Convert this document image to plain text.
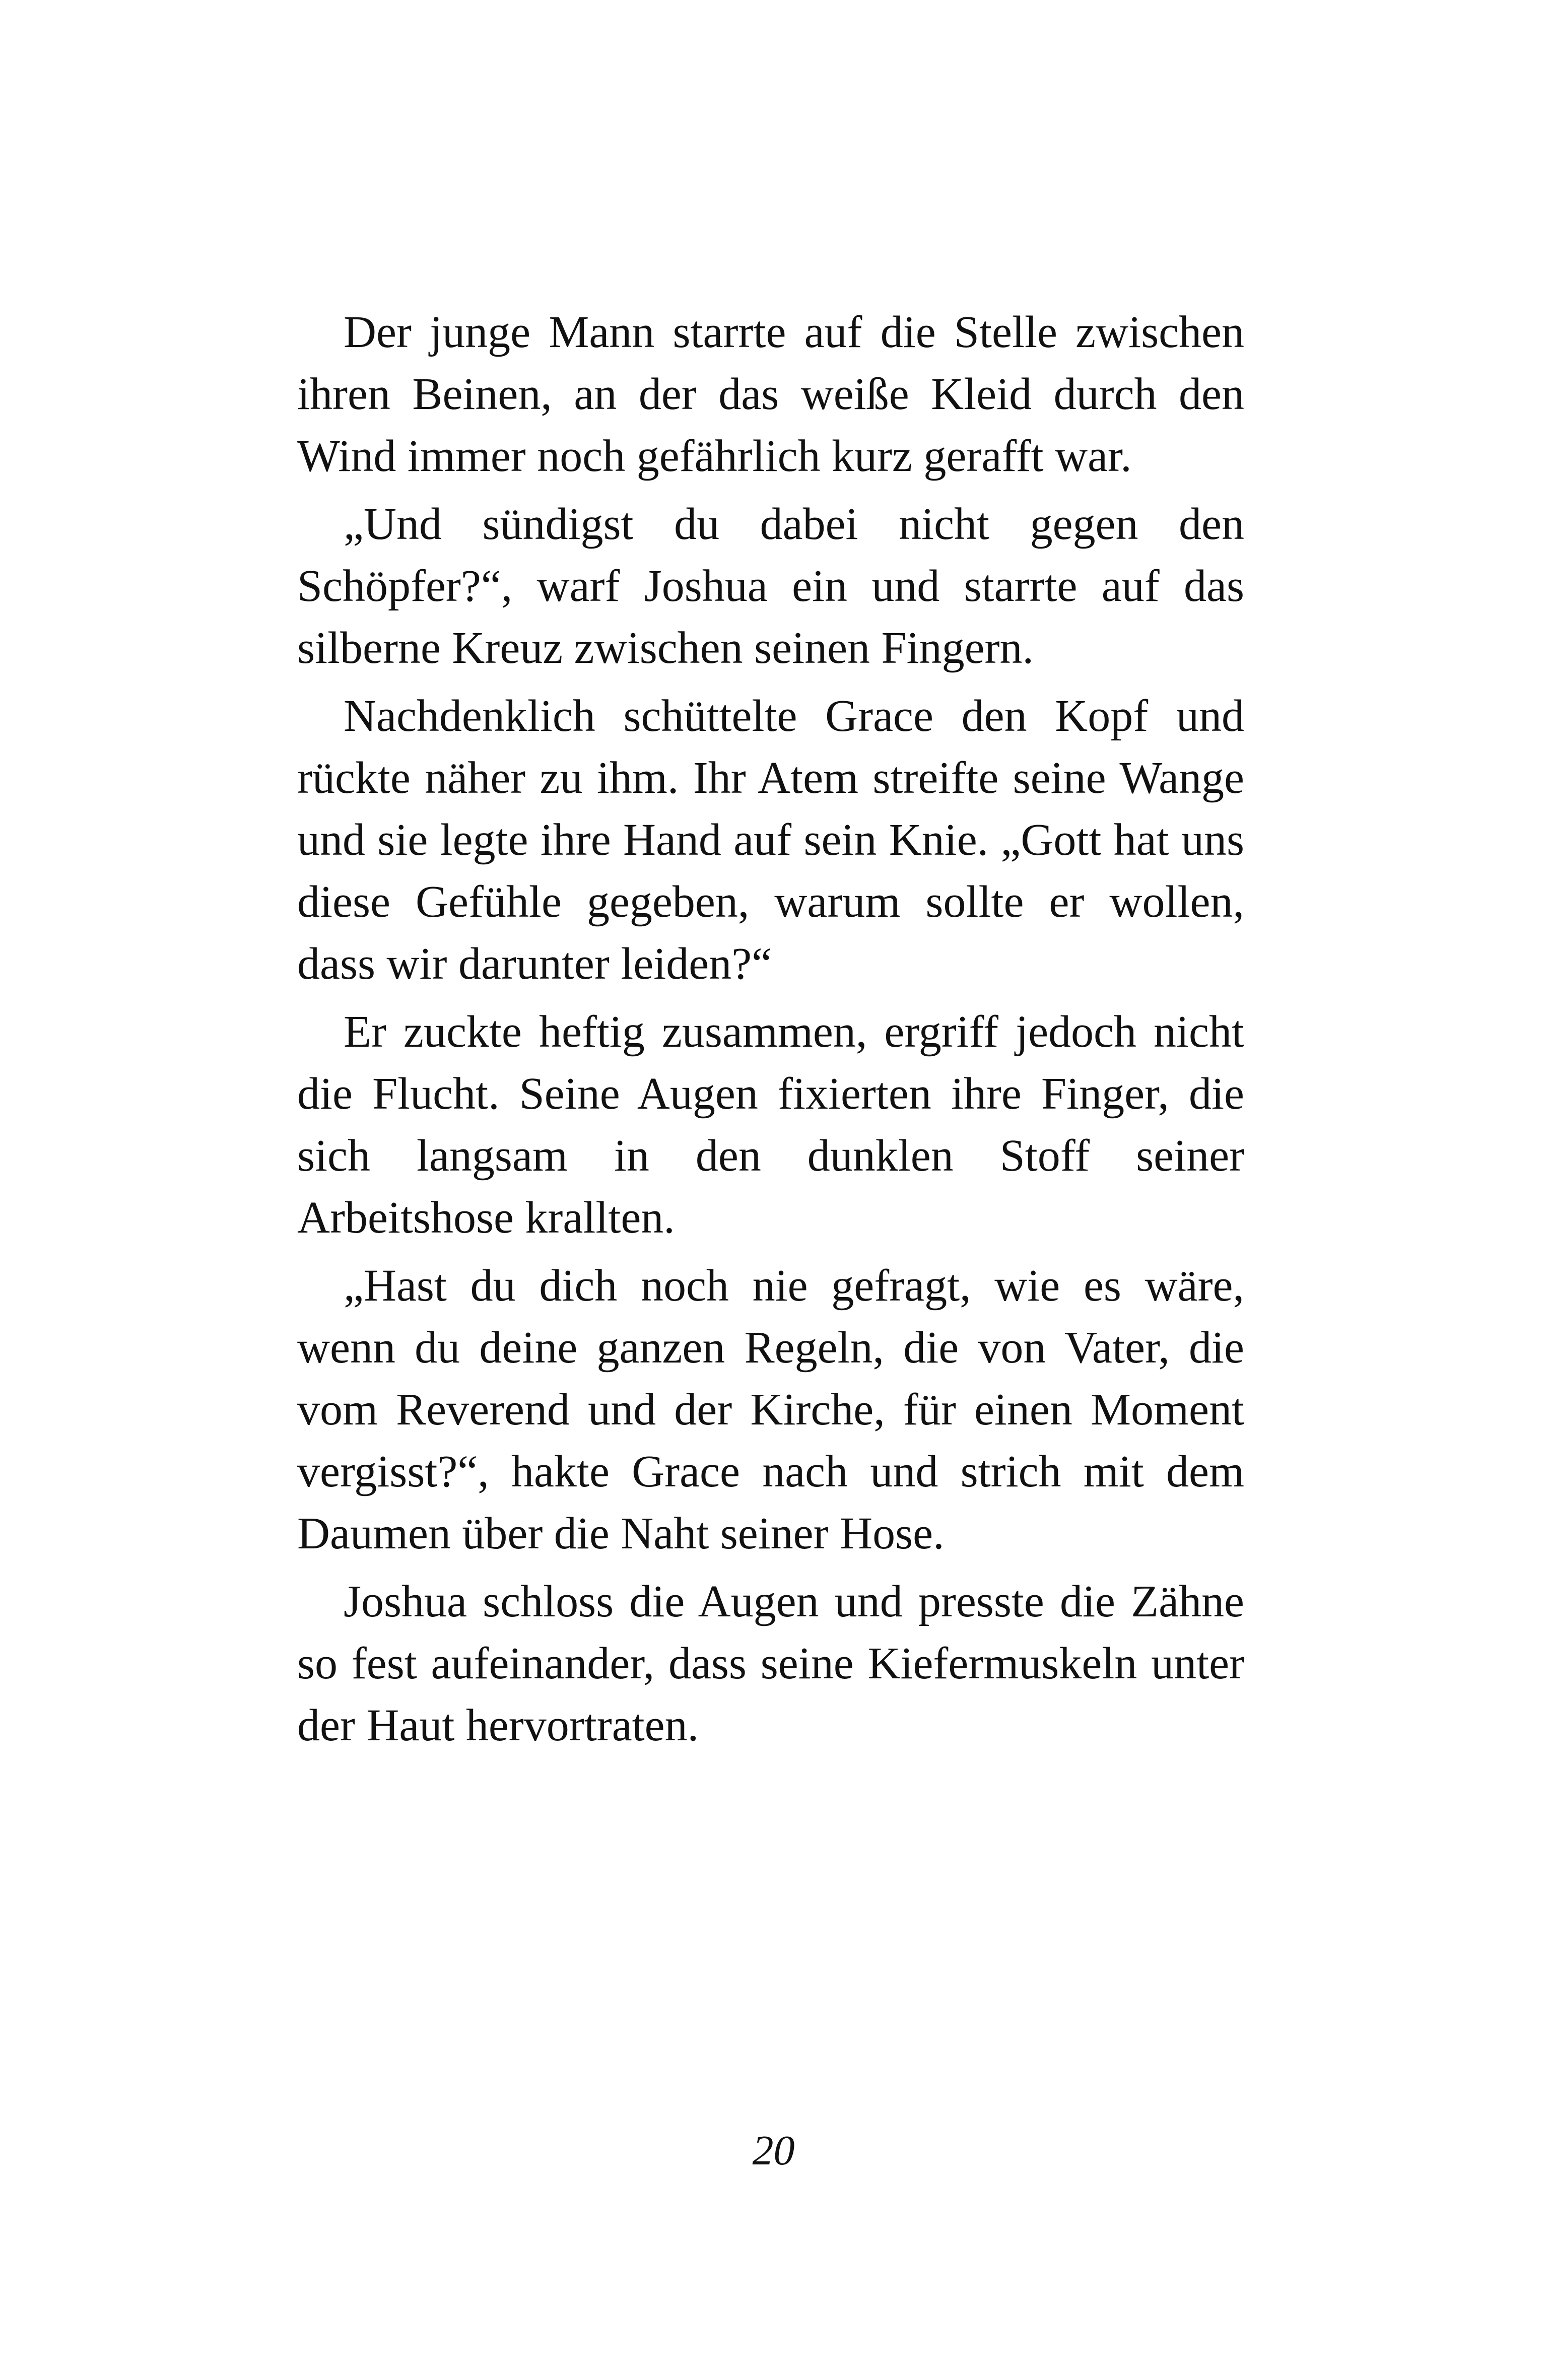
Der junge Mann starrte auf die Stelle zwischen ihren Beinen, an der das weiße Kleid durch den Wind immer noch gefährlich kurz gerafft war.

„Und sündigst du dabei nicht gegen den Schöpfer?“, warf Joshua ein und starrte auf das silberne Kreuz zwischen seinen Fingern.

Nachdenklich schüttelte Grace den Kopf und rückte näher zu ihm. Ihr Atem streifte seine Wange und sie legte ihre Hand auf sein Knie. „Gott hat uns diese Gefühle gegeben, warum sollte er wollen, dass wir darunter leiden?“

Er zuckte heftig zusammen, ergriff jedoch nicht die Flucht. Seine Augen fixierten ihre Finger, die sich langsam in den dunklen Stoff seiner Arbeitshose krallten.

„Hast du dich noch nie gefragt, wie es wäre, wenn du deine ganzen Regeln, die von Vater, die vom Reverend und der Kirche, für einen Moment vergisst?“, hakte Grace nach und strich mit dem Daumen über die Naht seiner Hose.

Joshua schloss die Augen und presste die Zähne so fest aufeinander, dass seine Kiefermuskeln unter der Haut hervortraten.

20
